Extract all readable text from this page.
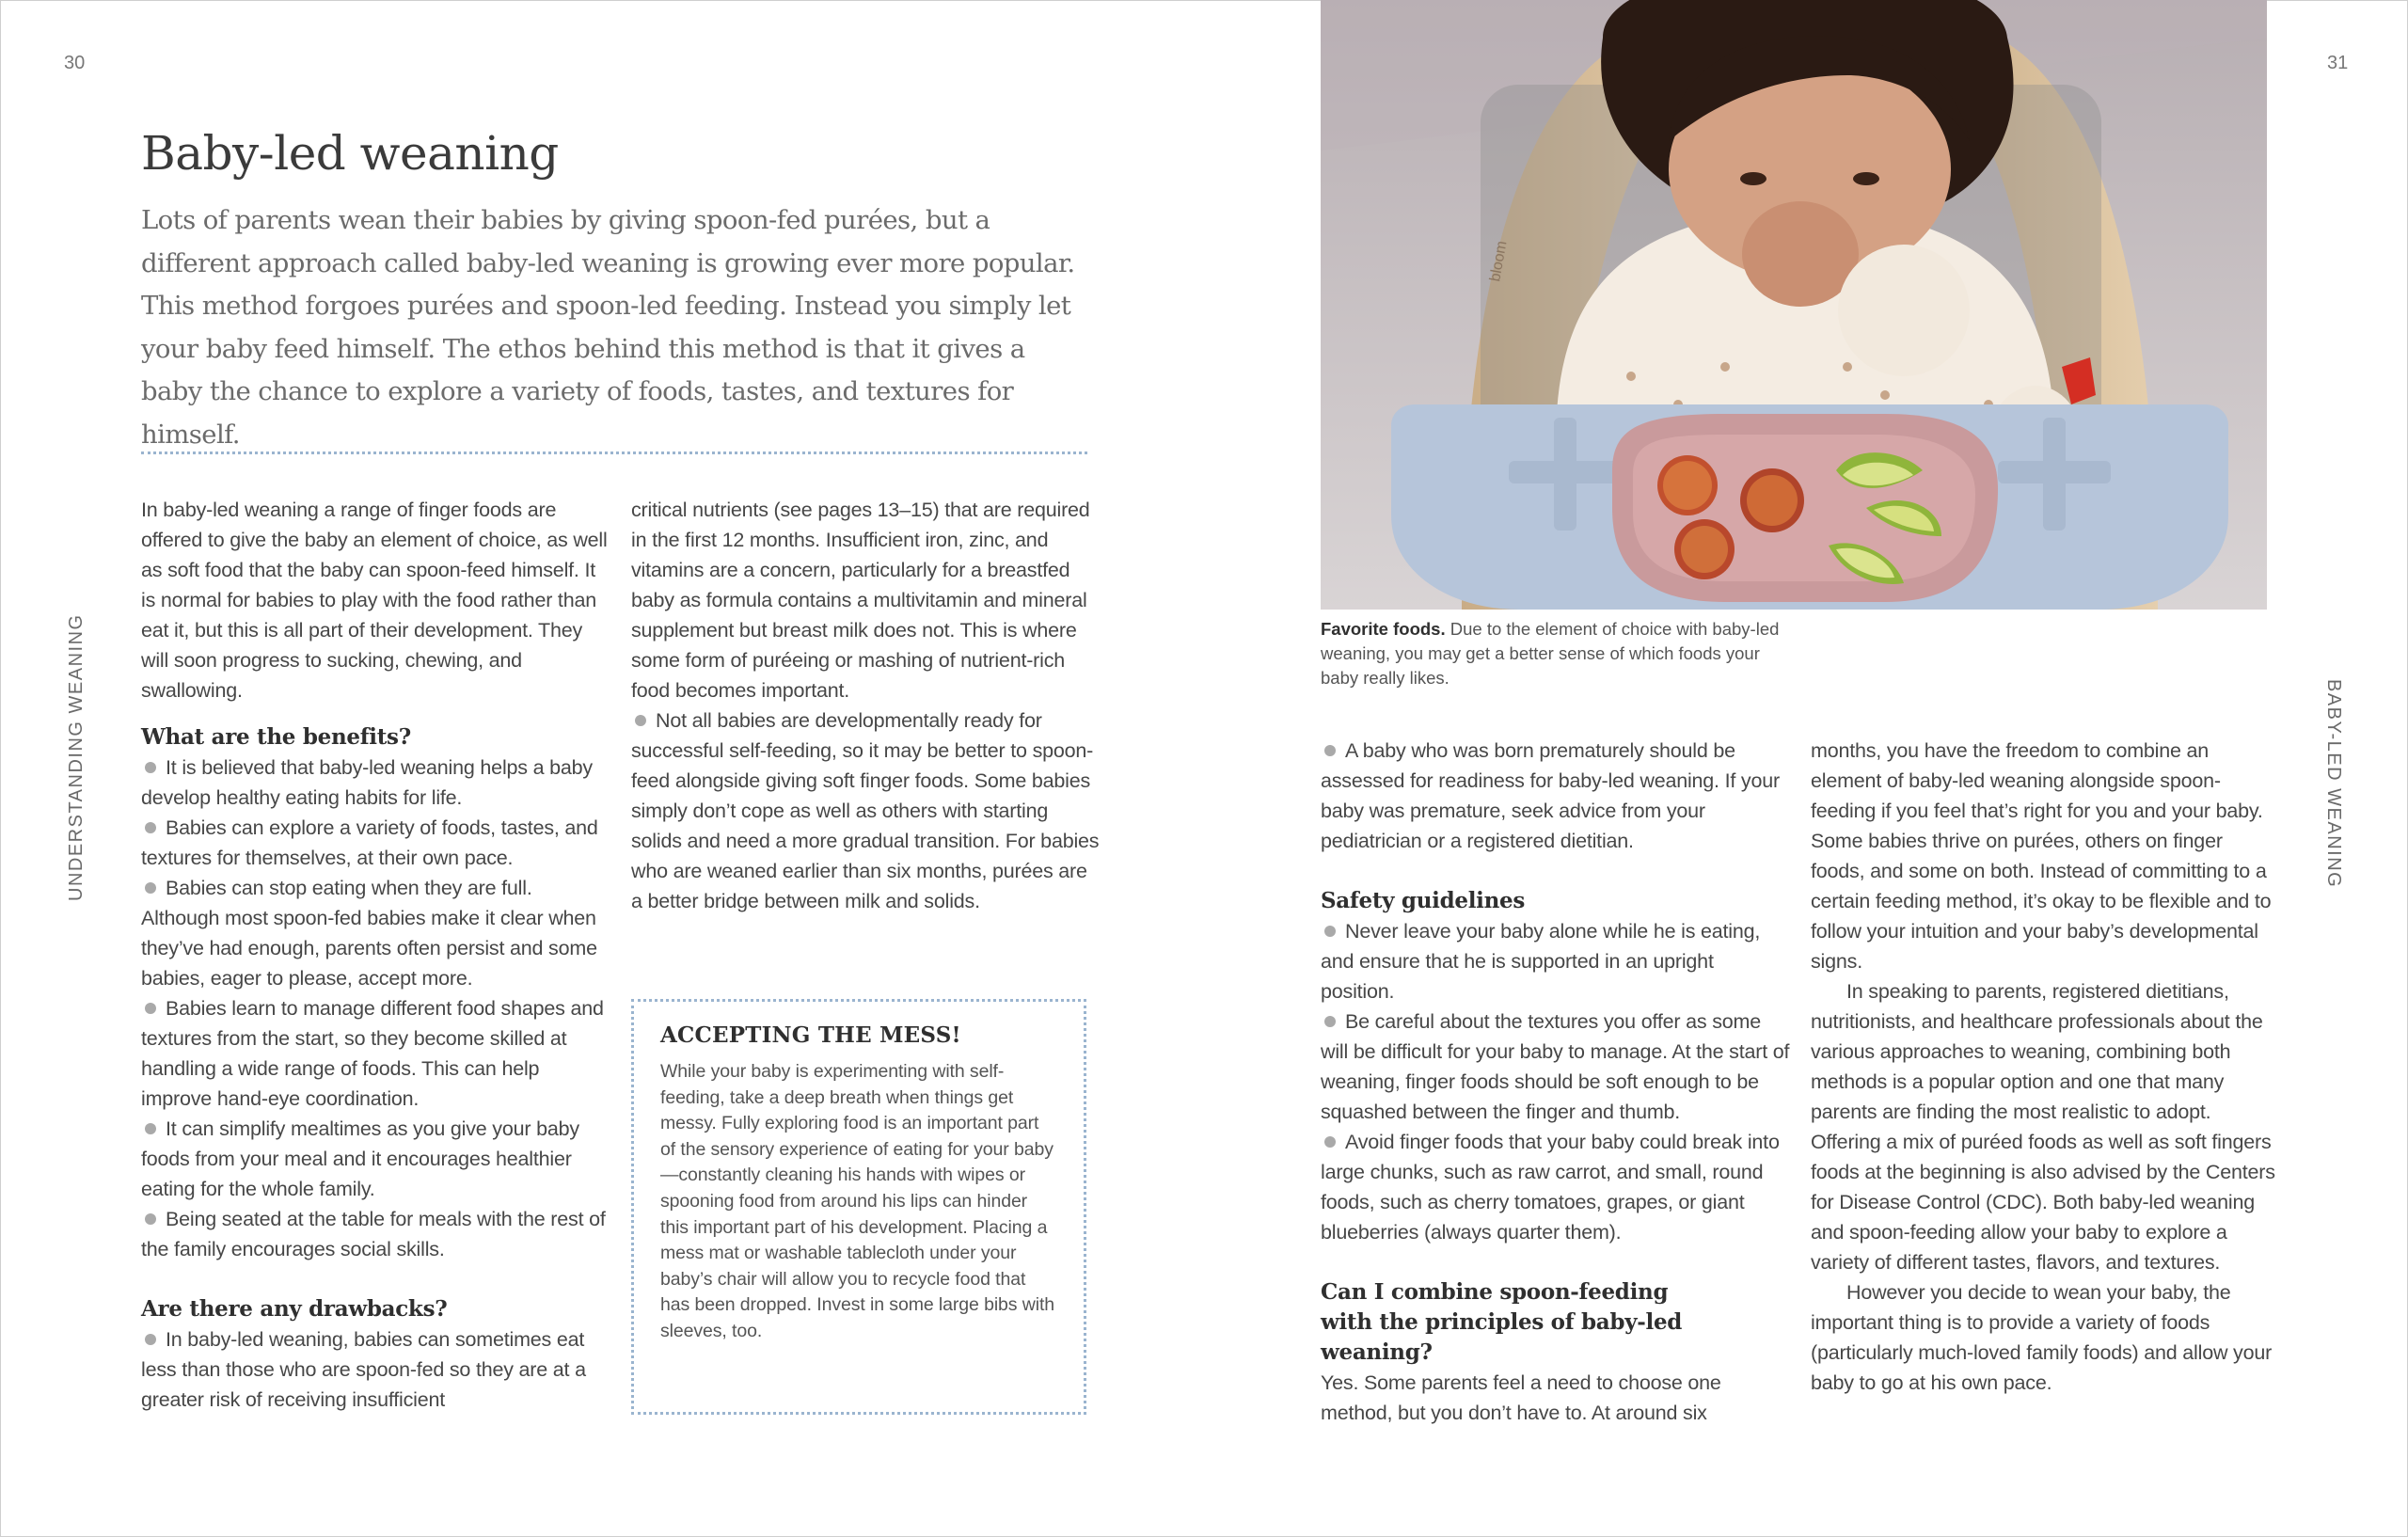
30	31
UNDERSTANDING WEANING	BABY-LED WEANING
Baby-led weaning

Lots of parents wean their babies by giving spoon-fed purées, but a different approach called baby-led weaning is growing ever more popular. This method forgoes purées and spoon-led feeding. Instead you simply let your baby feed himself. The ethos behind this method is that it gives a baby the chance to explore a variety of foods, tastes, and textures for himself.

In baby-led weaning a range of finger foods are offered to give the baby an element of choice, as well as soft food that the baby can spoon-feed himself. It is normal for babies to play with the food rather than eat it, but this is all part of their development. They will soon progress to sucking, chewing, and swallowing.

What are the benefits?

It is believed that baby-led weaning helps a baby develop healthy eating habits for life.

Babies can explore a variety of foods, tastes, and textures for themselves, at their own pace.

Babies can stop eating when they are full. Although most spoon-fed babies make it clear when they’ve had enough, parents often persist and some babies, eager to please, accept more.

Babies learn to manage different food shapes and textures from the start, so they become skilled at handling a wide range of foods. This can help improve hand-eye coordination.

It can simplify mealtimes as you give your baby foods from your meal and it encourages healthier eating for the whole family.

Being seated at the table for meals with the rest of the family encourages social skills.

Are there any drawbacks?

In baby-led weaning, babies can sometimes eat less than those who are spoon-fed so they are at a greater risk of receiving insufficient

critical nutrients (see pages 13–15) that are required in the first 12 months. Insufficient iron, zinc, and vitamins are a concern, particularly for a breastfed baby as formula contains a multivitamin and mineral supplement but breast milk does not. This is where some form of puréeing or mashing of nutrient-rich food becomes important.

Not all babies are developmentally ready for successful self-feeding, so it may be better to spoon-feed alongside giving soft finger foods. Some babies simply don’t cope as well as others with starting solids and need a more gradual transition. For babies who are weaned earlier than six months, purées are a better bridge between milk and solids.

ACCEPTING THE MESS!

While your baby is experimenting with self-feeding, take a deep breath when things get messy. Fully exploring food is an important part of the sensory experience of eating for your baby—constantly cleaning his hands with wipes or spooning food from around his lips can hinder this important part of his development. Placing a mess mat or washable tablecloth under your baby’s chair will allow you to recycle food that has been dropped. Invest in some large bibs with sleeves, too.

bloom

Favorite foods. Due to the element of choice with baby-led weaning, you may get a better sense of which foods your baby really likes.

A baby who was born prematurely should be assessed for readiness for baby-led weaning. If your baby was premature, seek advice from your pediatrician or a registered dietitian.

Safety guidelines

Never leave your baby alone while he is eating, and ensure that he is supported in an upright position.

Be careful about the textures you offer as some will be difficult for your baby to manage. At the start of weaning, finger foods should be soft enough to be squashed between the finger and thumb.

Avoid finger foods that your baby could break into large chunks, such as raw carrot, and small, round foods, such as cherry tomatoes, grapes, or giant blueberries (always quarter them).

Can I combine spoon-feeding with the principles of baby-led weaning?

Yes. Some parents feel a need to choose one method, but you don’t have to. At around six

months, you have the freedom to combine an element of baby-led weaning alongside spoon-feeding if you feel that’s right for you and your baby. Some babies thrive on purées, others on finger foods, and some on both. Instead of committing to a certain feeding method, it’s okay to be flexible and to follow your intuition and your baby’s developmental signs.

In speaking to parents, registered dietitians, nutritionists, and healthcare professionals about the various approaches to weaning, combining both methods is a popular option and one that many parents are finding the most realistic to adopt. Offering a mix of puréed foods as well as soft fingers foods at the beginning is also advised by the Centers for Disease Control (CDC). Both baby-led weaning and spoon-feeding allow your baby to explore a variety of different tastes, flavors, and textures.

However you decide to wean your baby, the important thing is to provide a variety of foods (particularly much-loved family foods) and allow your baby to go at his own pace.
